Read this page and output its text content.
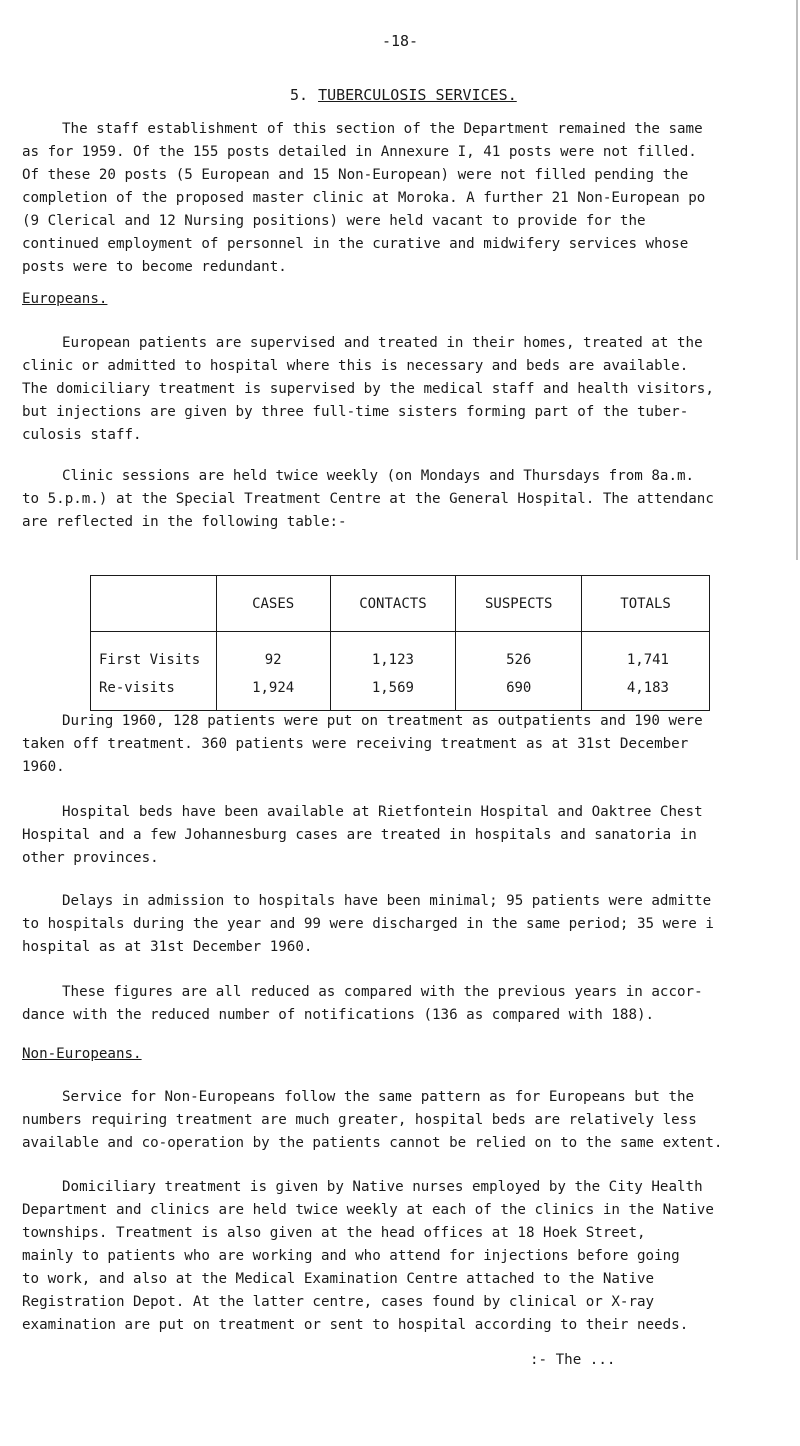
-18-
5. TUBERCULOSIS SERVICES.

The staff establishment of this section of the Department remained the same
as for 1959. Of the 155 posts detailed in Annexure I, 41 posts were not filled.
Of these 20 posts (5 European and 15 Non-European) were not filled pending the
completion of the proposed master clinic at Moroka. A further 21 Non-European po
(9 Clerical and 12 Nursing positions) were held vacant to provide for the
continued employment of personnel in the curative and midwifery services whose
posts were to become redundant.

Europeans.

European patients are supervised and treated in their homes, treated at the
clinic or admitted to hospital where this is necessary and beds are available.
The domiciliary treatment is supervised by the medical staff and health visitors,
but injections are given by three full-time sisters forming part of the tuber-
culosis staff.

Clinic sessions are held twice weekly (on Mondays and Thursdays from 8a.m.
to 5.p.m.) at the Special Treatment Centre at the General Hospital. The attendanc
are reflected in the following table:-

	CASES	CONTACTS	SUSPECTS	TOTALS
First Visits	92	1,123	526	1,741
Re-visits	1,924	1,569	690	4,183

During 1960, 128 patients were put on treatment as outpatients and 190 were
taken off treatment. 360 patients were receiving treatment as at 31st December
1960.

Hospital beds have been available at Rietfontein Hospital and Oaktree Chest
Hospital and a few Johannesburg cases are treated in hospitals and sanatoria in
other provinces.

Delays in admission to hospitals have been minimal; 95 patients were admitte
to hospitals during the year and 99 were discharged in the same period; 35 were i
hospital as at 31st December 1960.

These figures are all reduced as compared with the previous years in accor-
dance with the reduced number of notifications (136 as compared with 188).

Non-Europeans.

Service for Non-Europeans follow the same pattern as for Europeans but the
numbers requiring treatment are much greater, hospital beds are relatively less
available and co-operation by the patients cannot be relied on to the same extent.

Domiciliary treatment is given by Native nurses employed by the City Health
Department and clinics are held twice weekly at each of the clinics in the Native
townships. Treatment is also given at the head offices at 18 Hoek Street,
mainly to patients who are working and who attend for injections before going
to work, and also at the Medical Examination Centre attached to the Native
Registration Depot. At the latter centre, cases found by clinical or X-ray
examination are put on treatment or sent to hospital according to their needs.

:- The ...
